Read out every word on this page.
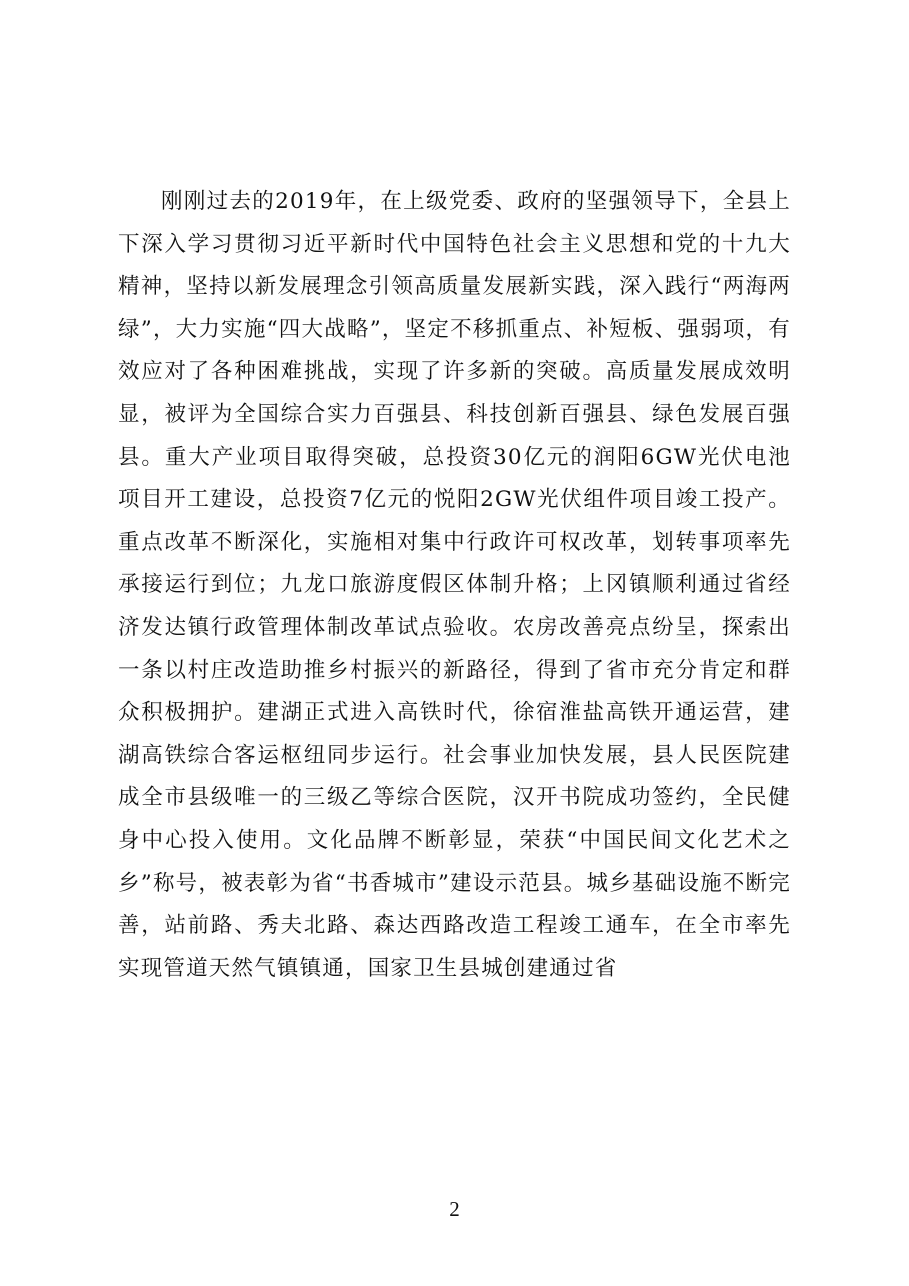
刚刚过去的2019年，在上级党委、政府的坚强领导下，全县上下深入学习贯彻习近平新时代中国特色社会主义思想和党的十九大精神，坚持以新发展理念引领高质量发展新实践，深入践行“两海两绿”，大力实施“四大战略”，坚定不移抓重点、补短板、强弱项，有效应对了各种困难挑战，实现了许多新的突破。高质量发展成效明显，被评为全国综合实力百强县、科技创新百强县、绿色发展百强县。重大产业项目取得突破，总投资30亿元的润阳6GW光伏电池项目开工建设，总投资7亿元的悦阳2GW光伏组件项目竣工投产。重点改革不断深化，实施相对集中行政许可权改革，划转事项率先承接运行到位；九龙口旅游度假区体制升格；上冈镇顺利通过省经济发达镇行政管理体制改革试点验收。农房改善亮点纷呈，探索出一条以村庄改造助推乡村振兴的新路径，得到了省市充分肯定和群众积极拥护。建湖正式进入高铁时代，徐宿淮盐高铁开通运营，建湖高铁综合客运枢纽同步运行。社会事业加快发展，县人民医院建成全市县级唯一的三级乙等综合医院，汉开书院成功签约，全民健身中心投入使用。文化品牌不断彰显，荣获“中国民间文化艺术之乡”称号，被表彰为省“书香城市”建设示范县。城乡基础设施不断完善，站前路、秀夫北路、森达西路改造工程竣工通车，在全市率先实现管道天然气镇镇通，国家卫生县城创建通过省

2
